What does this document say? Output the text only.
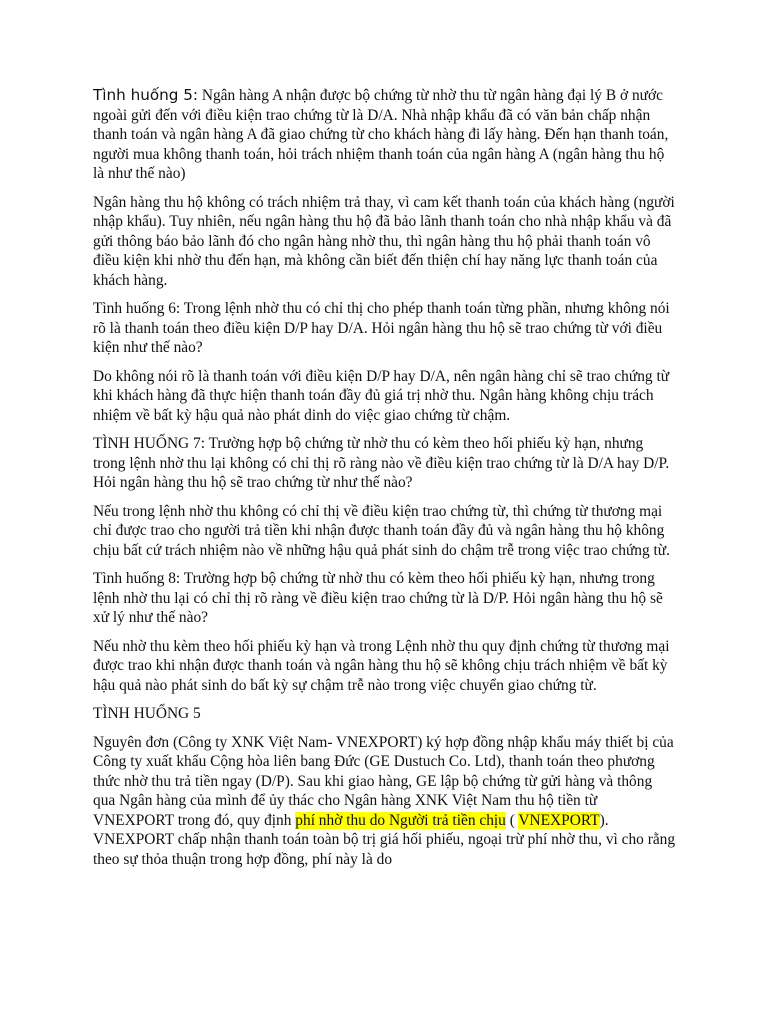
Tình huống 5: Ngân hàng A nhận được bộ chứng từ nhờ thu từ ngân hàng đại lý B ở nước ngoài gửi đến với điều kiện trao chứng từ là D/A. Nhà nhập khẩu đã có văn bản chấp nhận thanh toán và ngân hàng A đã giao chứng từ cho khách hàng đi lấy hàng. Đến hạn thanh toán, người mua không thanh toán, hỏi trách nhiệm thanh toán của ngân hàng A (ngân hàng thu hộ là như thế nào)

Ngân hàng thu hộ không có trách nhiệm trả thay, vì cam kết thanh toán của khách hàng (người nhập khẩu). Tuy nhiên, nếu ngân hàng thu hộ đã bảo lãnh thanh toán cho nhà nhập khẩu và đã gửi thông báo bảo lãnh đó cho ngân hàng nhờ thu, thì ngân hàng thu hộ phải thanh toán vô điều kiện khi nhờ thu đến hạn, mà không cần biết đến thiện chí hay năng lực thanh toán của khách hàng.

Tình huống 6: Trong lệnh nhờ thu có chỉ thị cho phép thanh toán từng phần, nhưng không nói rõ là thanh toán theo điều kiện D/P hay D/A. Hỏi ngân hàng thu hộ sẽ trao chứng từ với điều kiện như thế nào?

Do không nói rõ là thanh toán với điều kiện D/P hay D/A, nên ngân hàng chỉ sẽ trao chứng từ khi khách hàng đã thực hiện thanh toán đầy đủ giá trị nhờ thu. Ngân hàng không chịu trách nhiệm về bất kỳ hậu quả nào phát dinh do việc giao chứng từ chậm.

TÌNH HUỐNG 7: Trường hợp bộ chứng từ nhờ thu có kèm theo hối phiếu kỳ hạn, nhưng trong lệnh nhờ thu lại không có chỉ thị rõ ràng nào về điều kiện trao chứng từ là D/A hay D/P. Hỏi ngân hàng thu hộ sẽ trao chứng từ như thế nào?

Nếu trong lệnh nhờ thu không có chỉ thị về điều kiện trao chứng từ, thì chứng từ thương mại chỉ được trao cho người trả tiền khi nhận được thanh toán đầy đủ và ngân hàng thu hộ không chịu bất cứ trách nhiệm nào về những hậu quả phát sinh do chậm trễ trong việc trao chứng từ.

Tình huống 8: Trường hợp bộ chứng từ nhờ thu có kèm theo hối phiếu kỳ hạn, nhưng trong lệnh nhờ thu lại có chỉ thị rõ ràng về điều kiện trao chứng từ là D/P. Hỏi ngân hàng thu hộ sẽ xử lý như thế nào?

Nếu nhờ thu kèm theo hối phiếu kỳ hạn và trong Lệnh nhờ thu quy định chứng từ thương mại được trao khi nhận được thanh toán và ngân hàng thu hộ sẽ không chịu trách nhiệm về bất kỳ hậu quả nào phát sinh do bất kỳ sự chậm trễ nào trong việc chuyển giao chứng từ.

TÌNH HUỐNG 5

Nguyên đơn (Công ty XNK Việt Nam- VNEXPORT) ký hợp đồng nhập khẩu máy thiết bị của Công ty xuất khẩu Cộng hòa liên bang Đức (GE Dustuch Co. Ltd), thanh toán theo phương thức nhờ thu trả tiền ngay (D/P). Sau khi giao hàng, GE lập bộ chứng từ gửi hàng và thông qua Ngân hàng của mình để ủy thác cho Ngân hàng XNK Việt Nam thu hộ tiền từ VNEXPORT trong đó, quy định phí nhờ thu do Người trả tiền chịu ( VNEXPORT). VNEXPORT chấp nhận thanh toán toàn bộ trị giá hối phiếu, ngoại trừ phí nhờ thu, vì cho rằng theo sự thỏa thuận trong hợp đồng, phí này là do
